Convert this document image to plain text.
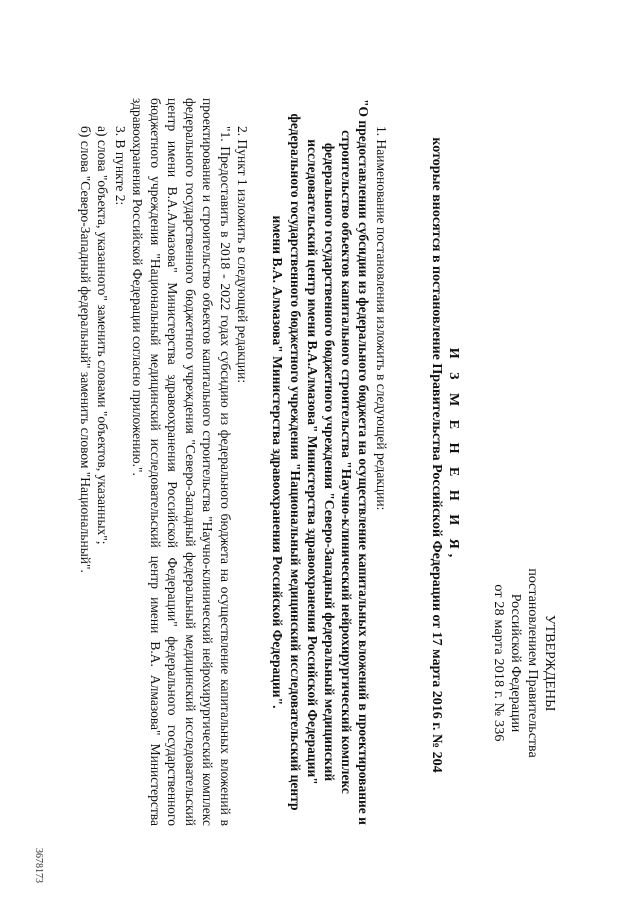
УТВЕРЖДЕНЫ
постановлением Правительства
Российской Федерации
от 28 марта 2018 г. № 336
И З М Е Н Е Н И Я,
которые вносятся в постановление Правительства Российской Федерации от 17 марта 2016 г. № 204

1. Наименование постановления изложить в следующей редакции:

"О предоставлении субсидии из федерального бюджета на осуществление капитальных вложений в проектирование и строительство объектов капитального строительства "Научно-клинический нейрохирургический комплекс федерального государственного бюджетного учреждения "Северо-Западный федеральный медицинский исследовательский центр имени В.А.Алмазова" Министерства здравоохранения Российской Федерации" федерального государственного бюджетного учреждения "Национальный медицинский исследовательский центр имени В.А. Алмазова" Министерства здравоохранения Российской Федерации".

2. Пункт 1 изложить в следующей редакции:

"1. Предоставить в 2018 - 2022 годах субсидию из федерального бюджета на осуществление капитальных вложений в проектирование и строительство объектов капитального строительства "Научно-клинический нейрохирургический комплекс федерального государственного бюджетного учреждения "Северо-Западный федеральный медицинский исследовательский центр имени В.А.Алмазова" Министерства здравоохранения Российской Федерации" федерального государственного бюджетного учреждения "Национальный медицинский исследовательский центр имени В.А. Алмазова" Министерства здравоохранения Российской Федерации согласно приложению.".

3. В пункте 2:

а) слова "объекта, указанного" заменить словами "объектов, указанных";

б) слова "Северо-Западный федеральный" заменить словом "Национальный".

3678173
